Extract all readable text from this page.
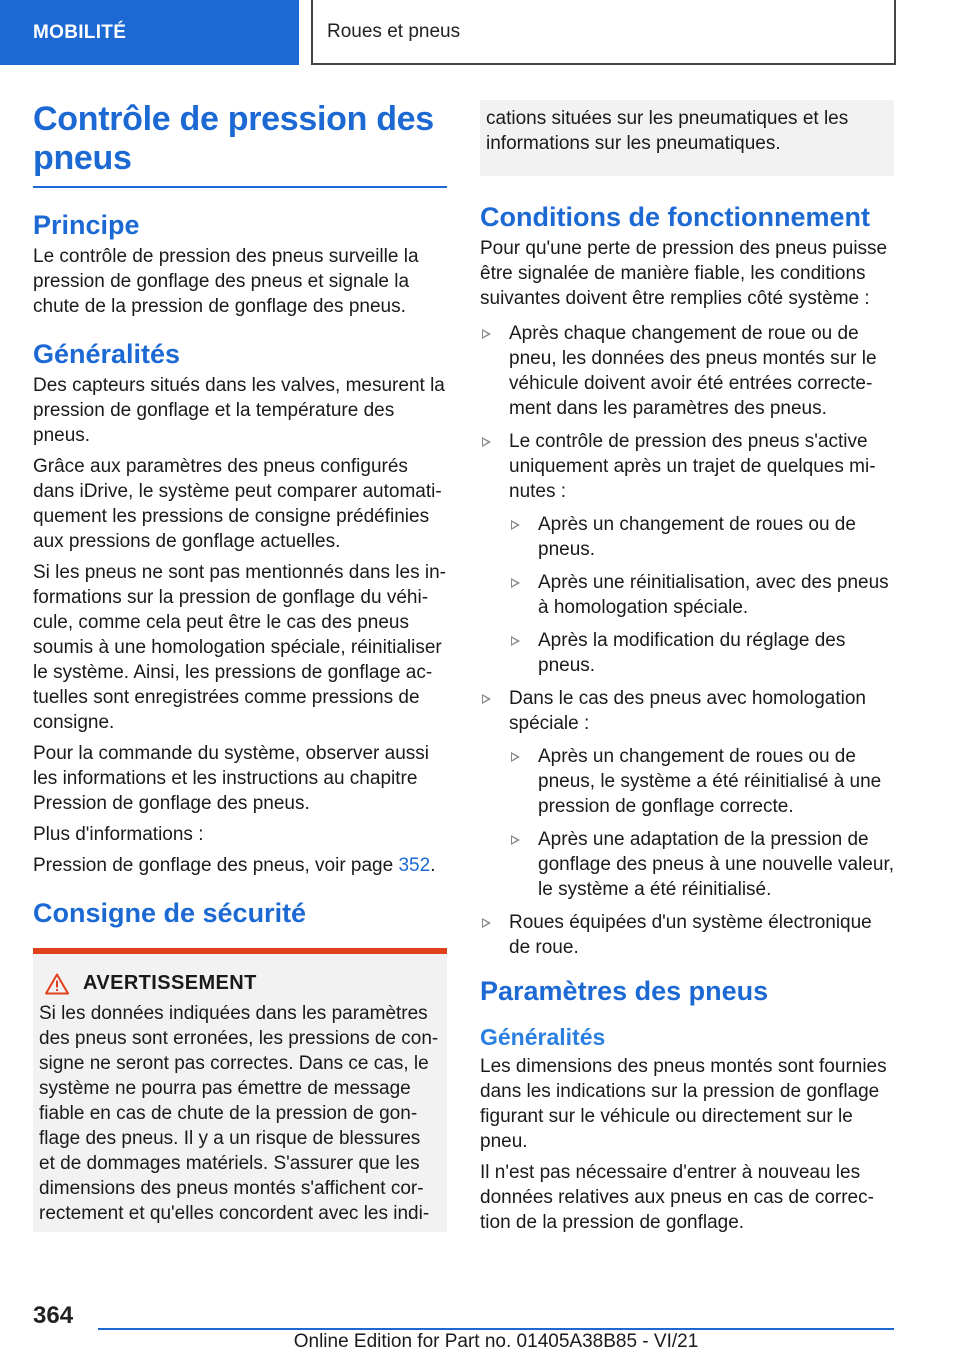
MOBILITÉ	Roues et pneus
Contrôle de pression des pneus
Principe

Le contrôle de pression des pneus surveille la pression de gonflage des pneus et signale la chute de la pression de gonflage des pneus.

Généralités

Des capteurs situés dans les valves, mesurent la pression de gonflage et la température des pneus.

Grâce aux paramètres des pneus configurés dans iDrive, le système peut comparer automatiquement les pressions de consigne prédéfinies aux pressions de gonflage actuelles.

Si les pneus ne sont pas mentionnés dans les informations sur la pression de gonflage du véhicule, comme cela peut être le cas des pneus soumis à une homologation spéciale, réinitialiser le système. Ainsi, les pressions de gonflage actuelles sont enregistrées comme pressions de consigne.

Pour la commande du système, observer aussi les informations et les instructions au chapitre Pression de gonflage des pneus.

Plus d'informations :

Pression de gonflage des pneus, voir page 352.

Consigne de sécurité
AVERTISSEMENT

Si les données indiquées dans les paramètres des pneus sont erronées, les pressions de consigne ne seront pas correctes. Dans ce cas, le système ne pourra pas émettre de message fiable en cas de chute de la pression de gonflage des pneus. Il y a un risque de blessures et de dommages matériels. S'assurer que les dimensions des pneus montés s'affichent correctement et qu'elles concordent avec les indi-

cations situées sur les pneumatiques et les informations sur les pneumatiques.

Conditions de fonctionnement

Pour qu'une perte de pression des pneus puisse être signalée de manière fiable, les conditions suivantes doivent être remplies côté système :

Après chaque changement de roue ou de pneu, les données des pneus montés sur le véhicule doivent avoir été entrées correctement dans les paramètres des pneus.
Le contrôle de pression des pneus s'active uniquement après un trajet de quelques minutes :
Après un changement de roues ou de pneus.
Après une réinitialisation, avec des pneus à homologation spéciale.
Après la modification du réglage des pneus.
Dans le cas des pneus avec homologation spéciale :
Après un changement de roues ou de pneus, le système a été réinitialisé à une pression de gonflage correcte.
Après une adaptation de la pression de gonflage des pneus à une nouvelle valeur, le système a été réinitialisé.
Roues équipées d'un système électronique de roue.
Paramètres des pneus
Généralités

Les dimensions des pneus montés sont fournies dans les indications sur la pression de gonflage figurant sur le véhicule ou directement sur le pneu.

Il n'est pas nécessaire d'entrer à nouveau les données relatives aux pneus en cas de correction de la pression de gonflage.

364
Online Edition for Part no. 01405A38B85 - VI/21
